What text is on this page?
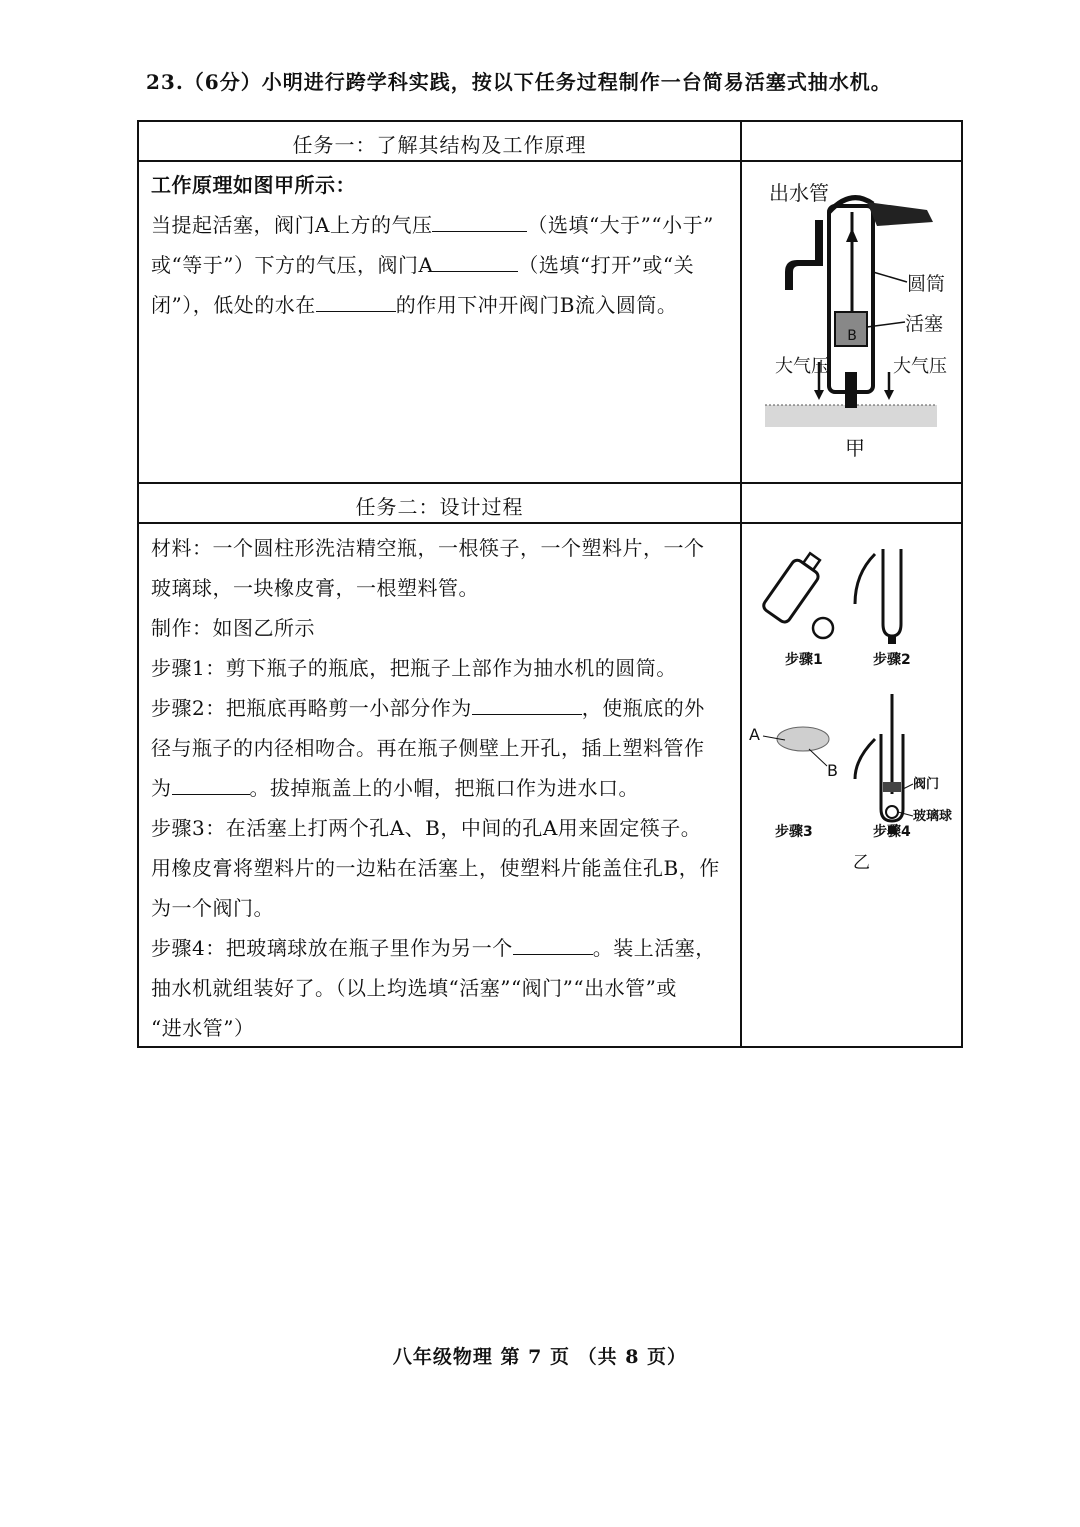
23.（6分）小明进行跨学科实践，按以下任务过程制作一台简易活塞式抽水机。
任务一：了解其结构及工作原理
工作原理如图甲所示：
当提起活塞，阀门A上方的气压	（选填“大于”“小于”
或“等于”）下方的气压，阀门A	（选填“打开”或“关
闭”），低处的水在	的作用下冲开阀门B流入圆筒。
B
出水管
圆筒
活塞
大气压	大气压
甲
任务二：设计过程
材料：一个圆柱形洗洁精空瓶，一根筷子，一个塑料片，一个
玻璃球，一块橡皮膏，一根塑料管。
制作：如图乙所示
步骤1：剪下瓶子的瓶底，把瓶子上部作为抽水机的圆筒。
步骤2：把瓶底再略剪一小部分作为	，使瓶底的外
径与瓶子的内径相吻合。再在瓶子侧壁上开孔，插上塑料管作
为	。拔掉瓶盖上的小帽，把瓶口作为进水口。
步骤3：在活塞上打两个孔A、B，中间的孔A用来固定筷子。
用橡皮膏将塑料片的一边粘在活塞上，使塑料片能盖住孔B，作
为一个阀门。
步骤4：把玻璃球放在瓶子里作为另一个	。装上活塞，
抽水机就组装好了。（以上均选填“活塞”“阀门”“出水管”或
“进水管”）
步骤1	步骤2
A
B
阀门
玻璃球
步骤3	步骤4
乙
八年级物理 第 7 页 （共 8 页）
